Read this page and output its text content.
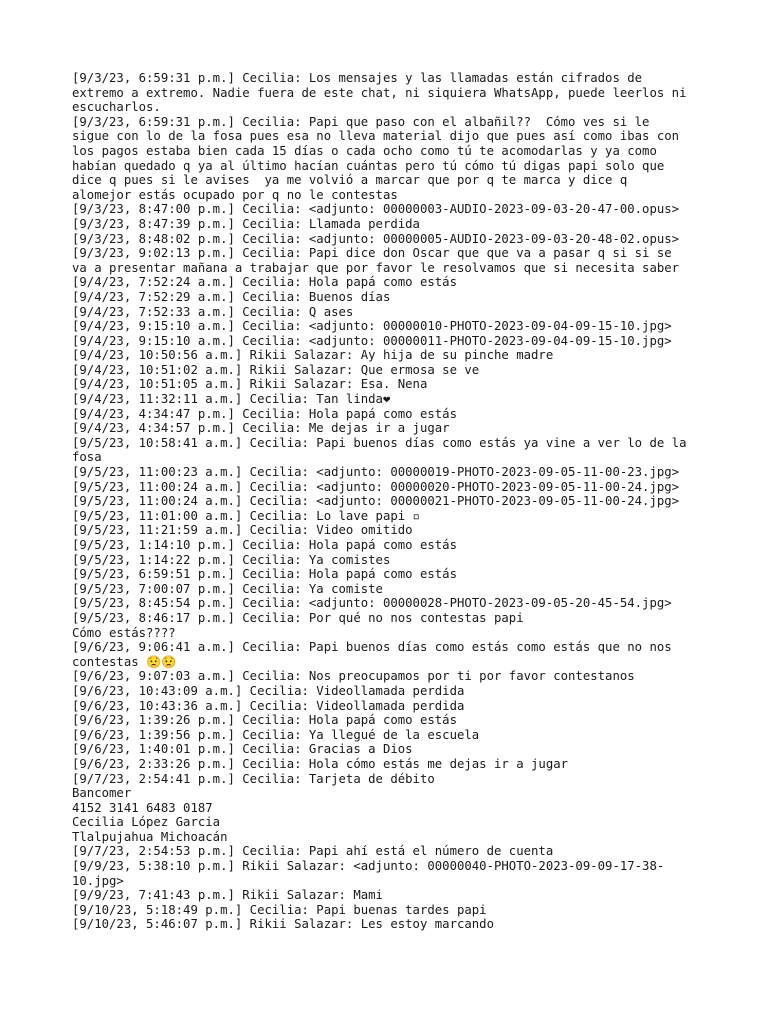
[9/3/23, 6:59:31 p.m.] Cecilia: Los mensajes y las llamadas están cifrados de
extremo a extremo. Nadie fuera de este chat, ni siquiera WhatsApp, puede leerlos ni
escucharlos.
[9/3/23, 6:59:31 p.m.] Cecilia: Papi que paso con el albañil??  Cómo ves si le
sigue con lo de la fosa pues esa no lleva material dijo que pues así como ibas con
los pagos estaba bien cada 15 días o cada ocho como tú te acomodarlas y ya como
habían quedado q ya al último hacían cuántas pero tú cómo tú digas papi solo que
dice q pues si le avises  ya me volvió a marcar que por q te marca y dice q
alomejor estás ocupado por q no le contestas
[9/3/23, 8:47:00 p.m.] Cecilia: <adjunto: 00000003-AUDIO-2023-09-03-20-47-00.opus>
[9/3/23, 8:47:39 p.m.] Cecilia: Llamada perdida
[9/3/23, 8:48:02 p.m.] Cecilia: <adjunto: 00000005-AUDIO-2023-09-03-20-48-02.opus>
[9/3/23, 9:02:13 p.m.] Cecilia: Papi dice don Oscar que que va a pasar q si si se
va a presentar mañana a trabajar que por favor le resolvamos que si necesita saber
[9/4/23, 7:52:24 a.m.] Cecilia: Hola papá como estás
[9/4/23, 7:52:29 a.m.] Cecilia: Buenos días
[9/4/23, 7:52:33 a.m.] Cecilia: Q ases
[9/4/23, 9:15:10 a.m.] Cecilia: <adjunto: 00000010-PHOTO-2023-09-04-09-15-10.jpg>
[9/4/23, 9:15:10 a.m.] Cecilia: <adjunto: 00000011-PHOTO-2023-09-04-09-15-10.jpg>
[9/4/23, 10:50:56 a.m.] Rikii Salazar: Ay hija de su pinche madre
[9/4/23, 10:51:02 a.m.] Rikii Salazar: Que ermosa se ve
[9/4/23, 10:51:05 a.m.] Rikii Salazar: Esa. Nena
[9/4/23, 11:32:11 a.m.] Cecilia: Tan linda❤
[9/4/23, 4:34:47 p.m.] Cecilia: Hola papá como estás
[9/4/23, 4:34:57 p.m.] Cecilia: Me dejas ir a jugar
[9/5/23, 10:58:41 a.m.] Cecilia: Papi buenos días como estás ya vine a ver lo de la
fosa
[9/5/23, 11:00:23 a.m.] Cecilia: <adjunto: 00000019-PHOTO-2023-09-05-11-00-23.jpg>
[9/5/23, 11:00:24 a.m.] Cecilia: <adjunto: 00000020-PHOTO-2023-09-05-11-00-24.jpg>
[9/5/23, 11:00:24 a.m.] Cecilia: <adjunto: 00000021-PHOTO-2023-09-05-11-00-24.jpg>
[9/5/23, 11:01:00 a.m.] Cecilia: Lo lave papi ▫
[9/5/23, 11:21:59 a.m.] Cecilia: Video omitido
[9/5/23, 1:14:10 p.m.] Cecilia: Hola papá como estás
[9/5/23, 1:14:22 p.m.] Cecilia: Ya comistes
[9/5/23, 6:59:51 p.m.] Cecilia: Hola papá como estás
[9/5/23, 7:00:07 p.m.] Cecilia: Ya comiste
[9/5/23, 8:45:54 p.m.] Cecilia: <adjunto: 00000028-PHOTO-2023-09-05-20-45-54.jpg>
[9/5/23, 8:46:17 p.m.] Cecilia: Por qué no nos contestas papi
Cómo estás????
[9/6/23, 9:06:41 a.m.] Cecilia: Papi buenos días como estás como estás que no nos
contestas 😟😟
[9/6/23, 9:07:03 a.m.] Cecilia: Nos preocupamos por ti por favor contestanos
[9/6/23, 10:43:09 a.m.] Cecilia: Videollamada perdida
[9/6/23, 10:43:36 a.m.] Cecilia: Videollamada perdida
[9/6/23, 1:39:26 p.m.] Cecilia: Hola papá como estás
[9/6/23, 1:39:56 p.m.] Cecilia: Ya llegué de la escuela
[9/6/23, 1:40:01 p.m.] Cecilia: Gracias a Dios
[9/6/23, 2:33:26 p.m.] Cecilia: Hola cómo estás me dejas ir a jugar
[9/7/23, 2:54:41 p.m.] Cecilia: Tarjeta de débito
Bancomer
4152 3141 6483 0187
Cecilia López Garcia
Tlalpujahua Michoacán
[9/7/23, 2:54:53 p.m.] Cecilia: Papi ahí está el número de cuenta
[9/9/23, 5:38:10 p.m.] Rikii Salazar: <adjunto: 00000040-PHOTO-2023-09-09-17-38-
10.jpg>
[9/9/23, 7:41:43 p.m.] Rikii Salazar: Mami
[9/10/23, 5:18:49 p.m.] Cecilia: Papi buenas tardes papi
[9/10/23, 5:46:07 p.m.] Rikii Salazar: Les estoy marcando
